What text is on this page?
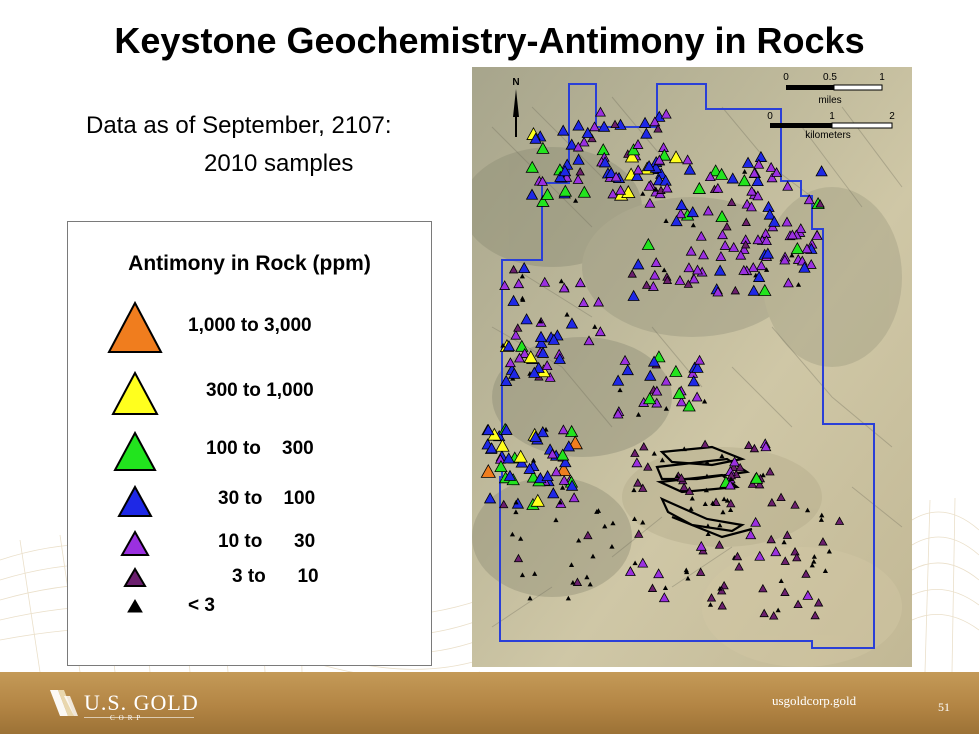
Keystone Geochemistry-Antimony in Rocks
Data as of September, 2107:
2010 samples
Antimony in Rock (ppm)
1,000 to 3,000
300 to 1,000
100 to    300
30 to    100
10 to      30
3 to      10
< 3
N	0	0.5	1
miles
0	1	2
kilometers
U.S. GOLD
CORP
usgoldcorp.gold	51
